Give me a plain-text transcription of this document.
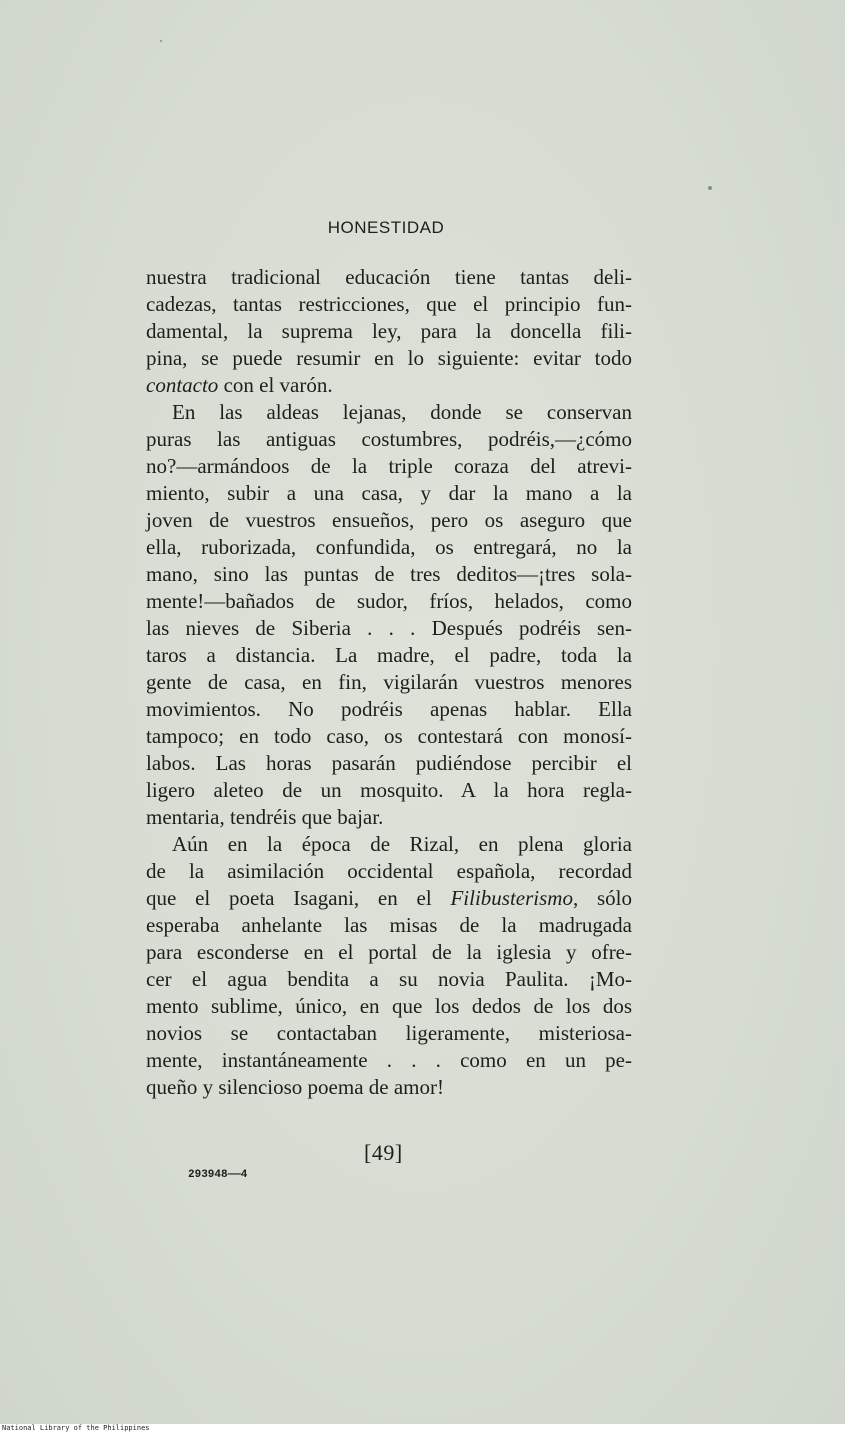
HONESTIDAD
nuestra tradicional educación tiene tantas deli-
cadezas, tantas restricciones, que el principio fun-
damental, la suprema ley, para la doncella fili-
pina, se puede resumir en lo siguiente: evitar todo
contacto con el varón.
En las aldeas lejanas, donde se conservan
puras las antiguas costumbres, podréis,—¿cómo
no?—armándoos de la triple coraza del atrevi-
miento, subir a una casa, y dar la mano a la
joven de vuestros ensueños, pero os aseguro que
ella, ruborizada, confundida, os entregará, no la
mano, sino las puntas de tres deditos—¡tres sola-
mente!—bañados de sudor, fríos, helados, como
las nieves de Siberia . . . Después podréis sen-
taros a distancia. La madre, el padre, toda la
gente de casa, en fin, vigilarán vuestros menores
movimientos. No podréis apenas hablar. Ella
tampoco; en todo caso, os contestará con monosí-
labos. Las horas pasarán pudiéndose percibir el
ligero aleteo de un mosquito. A la hora regla-
mentaria, tendréis que bajar.
Aún en la época de Rizal, en plena gloria
de la asimilación occidental española, recordad
que el poeta Isagani, en el Filibusterismo, sólo
esperaba anhelante las misas de la madrugada
para esconderse en el portal de la iglesia y ofre-
cer el agua bendita a su novia Paulita. ¡Mo-
mento sublime, único, en que los dedos de los dos
novios se contactaban ligeramente, misteriosa-
mente, instantáneamente . . . como en un pe-
queño y silencioso poema de amor!
[49]
293948——4
National Library of the Philippines
